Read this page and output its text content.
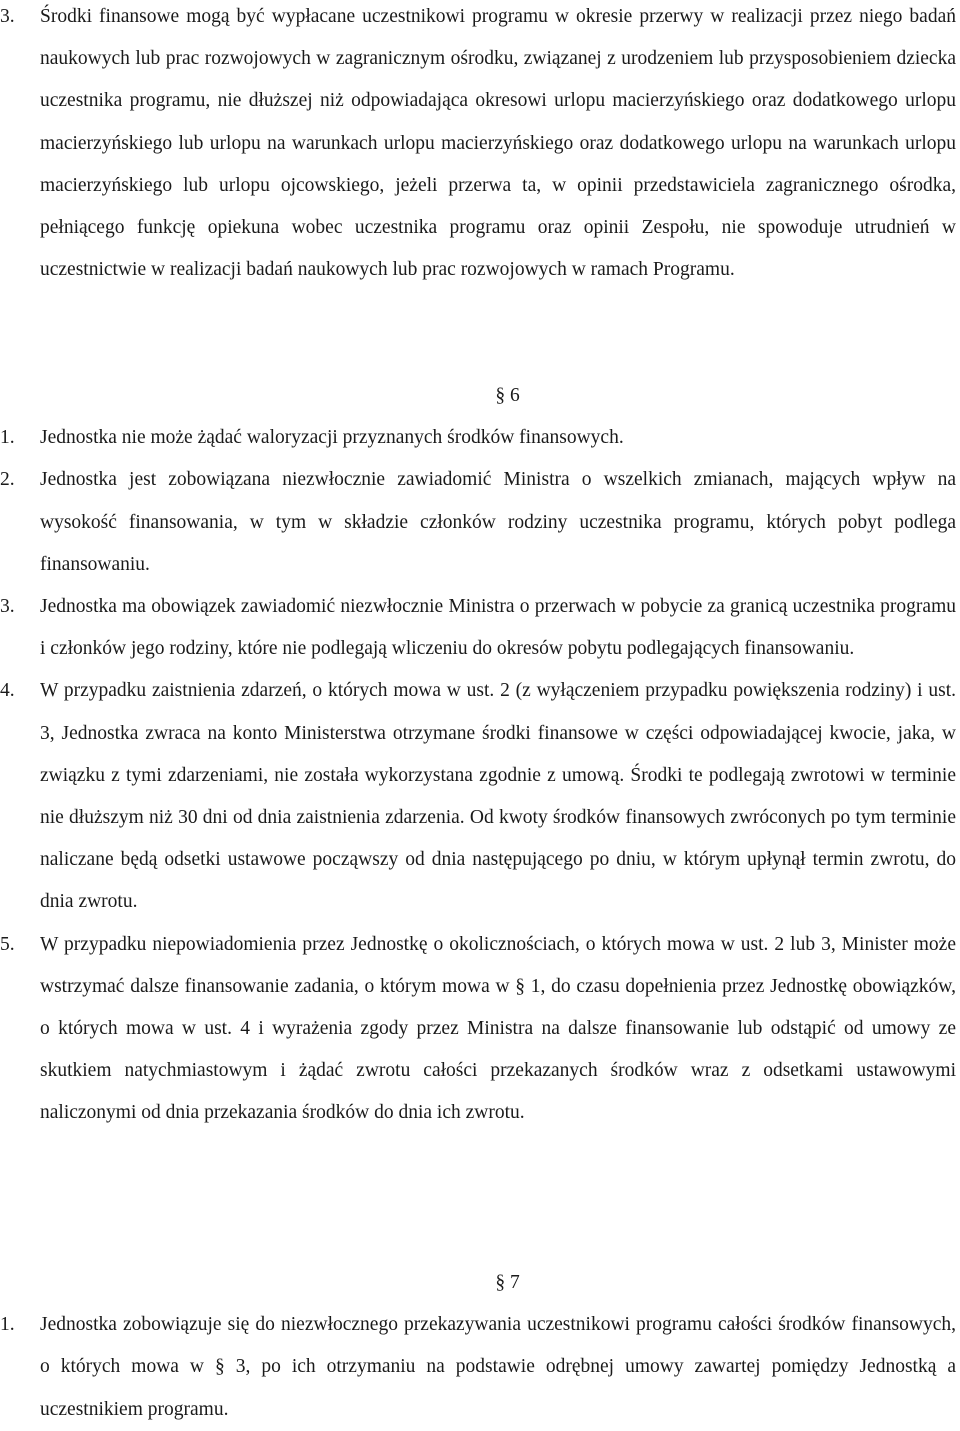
3. Środki finansowe mogą być wypłacane uczestnikowi programu w okresie przerwy w realizacji przez niego badań naukowych lub prac rozwojowych w zagranicznym ośrodku, związanej z urodzeniem lub przysposobieniem dziecka uczestnika programu, nie dłuższej niż odpowiadająca okresowi urlopu macierzyńskiego oraz dodatkowego urlopu macierzyńskiego lub urlopu na warunkach urlopu macierzyńskiego oraz dodatkowego urlopu na warunkach urlopu macierzyńskiego lub urlopu ojcowskiego, jeżeli przerwa ta, w opinii przedstawiciela zagranicznego ośrodka, pełniącego funkcję opiekuna wobec uczestnika programu oraz opinii Zespołu, nie spowoduje utrudnień w uczestnictwie w realizacji badań naukowych lub prac rozwojowych w ramach Programu.
§ 6
1. Jednostka nie może żądać waloryzacji przyznanych środków finansowych.
2. Jednostka jest zobowiązana niezwłocznie zawiadomić Ministra o wszelkich zmianach, mających wpływ na wysokość finansowania, w tym w składzie członków rodziny uczestnika programu, których pobyt podlega finansowaniu.
3. Jednostka ma obowiązek zawiadomić niezwłocznie Ministra o przerwach w pobycie za granicą uczestnika programu i członków jego rodziny, które nie podlegają wliczeniu do okresów pobytu podlegających finansowaniu.
4. W przypadku zaistnienia zdarzeń, o których mowa w ust. 2 (z wyłączeniem przypadku powiększenia rodziny) i ust. 3, Jednostka zwraca na konto Ministerstwa otrzymane środki finansowe w części odpowiadającej kwocie, jaka, w związku z tymi zdarzeniami, nie została wykorzystana zgodnie z umową. Środki te podlegają zwrotowi w terminie nie dłuższym niż 30 dni od dnia zaistnienia zdarzenia. Od kwoty środków finansowych zwróconych po tym terminie naliczane będą odsetki ustawowe począwszy od dnia następującego po dniu, w którym upłynął termin zwrotu, do dnia zwrotu.
5. W przypadku niepowiadomienia przez Jednostkę o okolicznościach, o których mowa w ust. 2 lub 3, Minister może wstrzymać dalsze finansowanie zadania, o którym mowa w § 1, do czasu dopełnienia przez Jednostkę obowiązków, o których mowa w ust. 4 i wyrażenia zgody przez Ministra na dalsze finansowanie lub odstąpić od umowy ze skutkiem natychmiastowym i żądać zwrotu całości przekazanych środków wraz z odsetkami ustawowymi naliczonymi od dnia przekazania środków do dnia ich zwrotu.
§ 7
1. Jednostka zobowiązuje się do niezwłocznego przekazywania uczestnikowi programu całości środków finansowych, o których mowa w § 3, po ich otrzymaniu na podstawie odrębnej umowy zawartej pomiędzy Jednostką a uczestnikiem programu.
